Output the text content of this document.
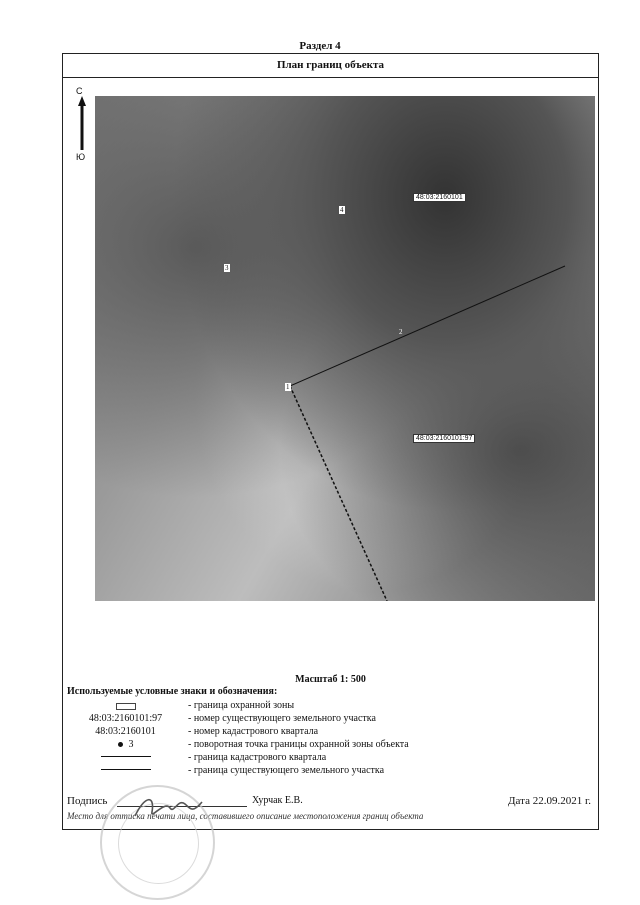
Раздел 4
План границ объекта
С
Ю
48:03:2160101
48:03:2160101:97
4
3
2
1
Масштаб 1: 500
Используемые условные знаки и обозначения:
- граница охранной зоны
48:03:2160101:97	- номер существующего земельного участка
48:03:2160101	- номер кадастрового квартала
3	- поворотная точка границы охранной зоны объекта
- граница кадастрового квартала
- граница существующего земельного участка
Подпись	Хурчак Е.В.	Дата 22.09.2021 г.
Место для оттиска печати лица, составившего описание местоположения границ объекта
